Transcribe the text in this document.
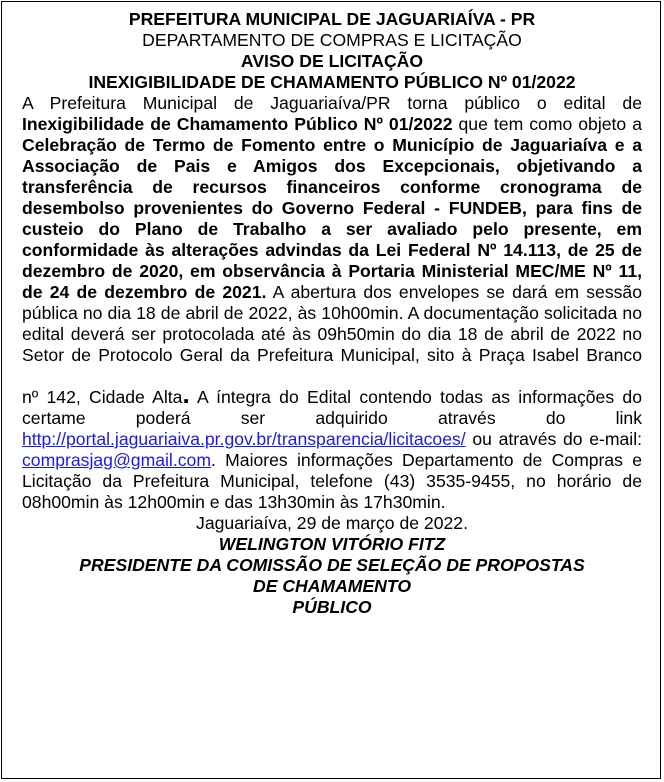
PREFEITURA MUNICIPAL DE JAGUARIAÍVA - PR
DEPARTAMENTO DE COMPRAS E LICITAÇÃO
AVISO DE LICITAÇÃO
INEXIGIBILIDADE DE CHAMAMENTO PÚBLICO Nº 01/2022
A Prefeitura Municipal de Jaguariaíva/PR torna público o edital de Inexigibilidade de Chamamento Público Nº 01/2022 que tem como objeto a Celebração de Termo de Fomento entre o Município de Jaguariaíva e a Associação de Pais e Amigos dos Excepcionais, objetivando a transferência de recursos financeiros conforme cronograma de desembolso provenientes do Governo Federal - FUNDEB, para fins de custeio do Plano de Trabalho a ser avaliado pelo presente, em conformidade às alterações advindas da Lei Federal Nº 14.113, de 25 de dezembro de 2020, em observância à Portaria Ministerial MEC/ME Nº 11, de 24 de dezembro de 2021. A abertura dos envelopes se dará em sessão pública no dia 18 de abril de 2022, às 10h00min. A documentação solicitada no edital deverá ser protocolada até às 09h50min do dia 18 de abril de 2022 no Setor de Protocolo Geral da Prefeitura Municipal, sito à Praça Isabel Branco
nº 142, Cidade Alta. A íntegra do Edital contendo todas as informações do certame poderá ser adquirido através do link http://portal.jaguariaiva.pr.gov.br/transparencia/licitacoes/ ou através do e-mail: comprasjag@gmail.com. Maiores informações Departamento de Compras e Licitação da Prefeitura Municipal, telefone (43) 3535-9455, no horário de 08h00min às 12h00min e das 13h30min às 17h30min.
Jaguariaíva, 29 de março de 2022.
WELINGTON VITÓRIO FITZ
PRESIDENTE DA COMISSÃO DE SELEÇÃO DE PROPOSTAS
DE CHAMAMENTO
PÚBLICO
